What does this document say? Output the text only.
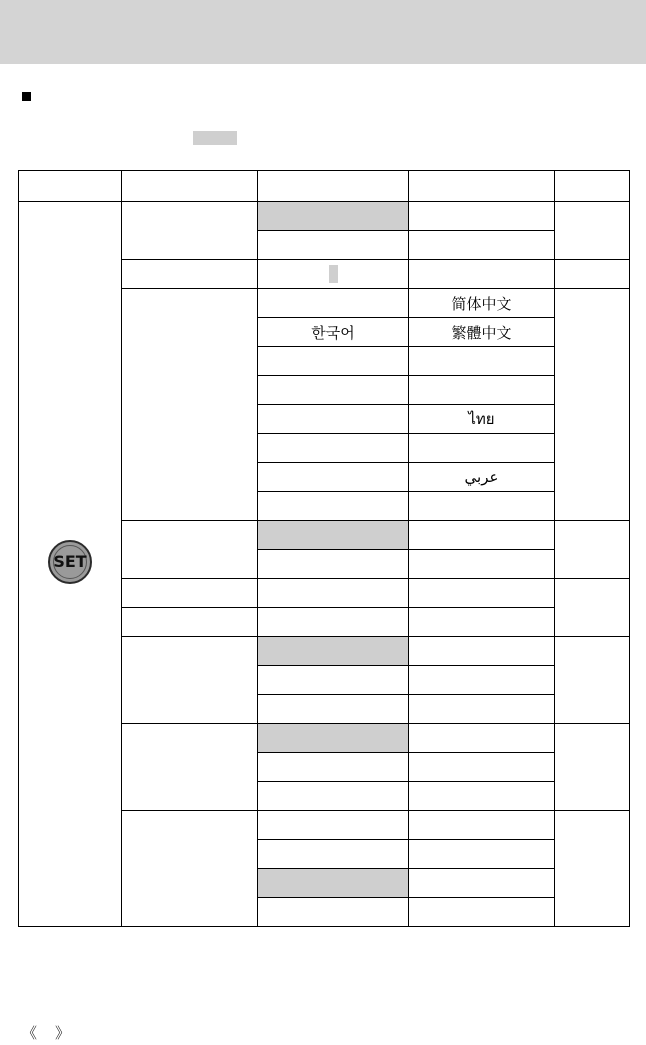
SET				

			简体中文	
		한국어	繁體中文	

			ไทย	

			عربي	

《 》
